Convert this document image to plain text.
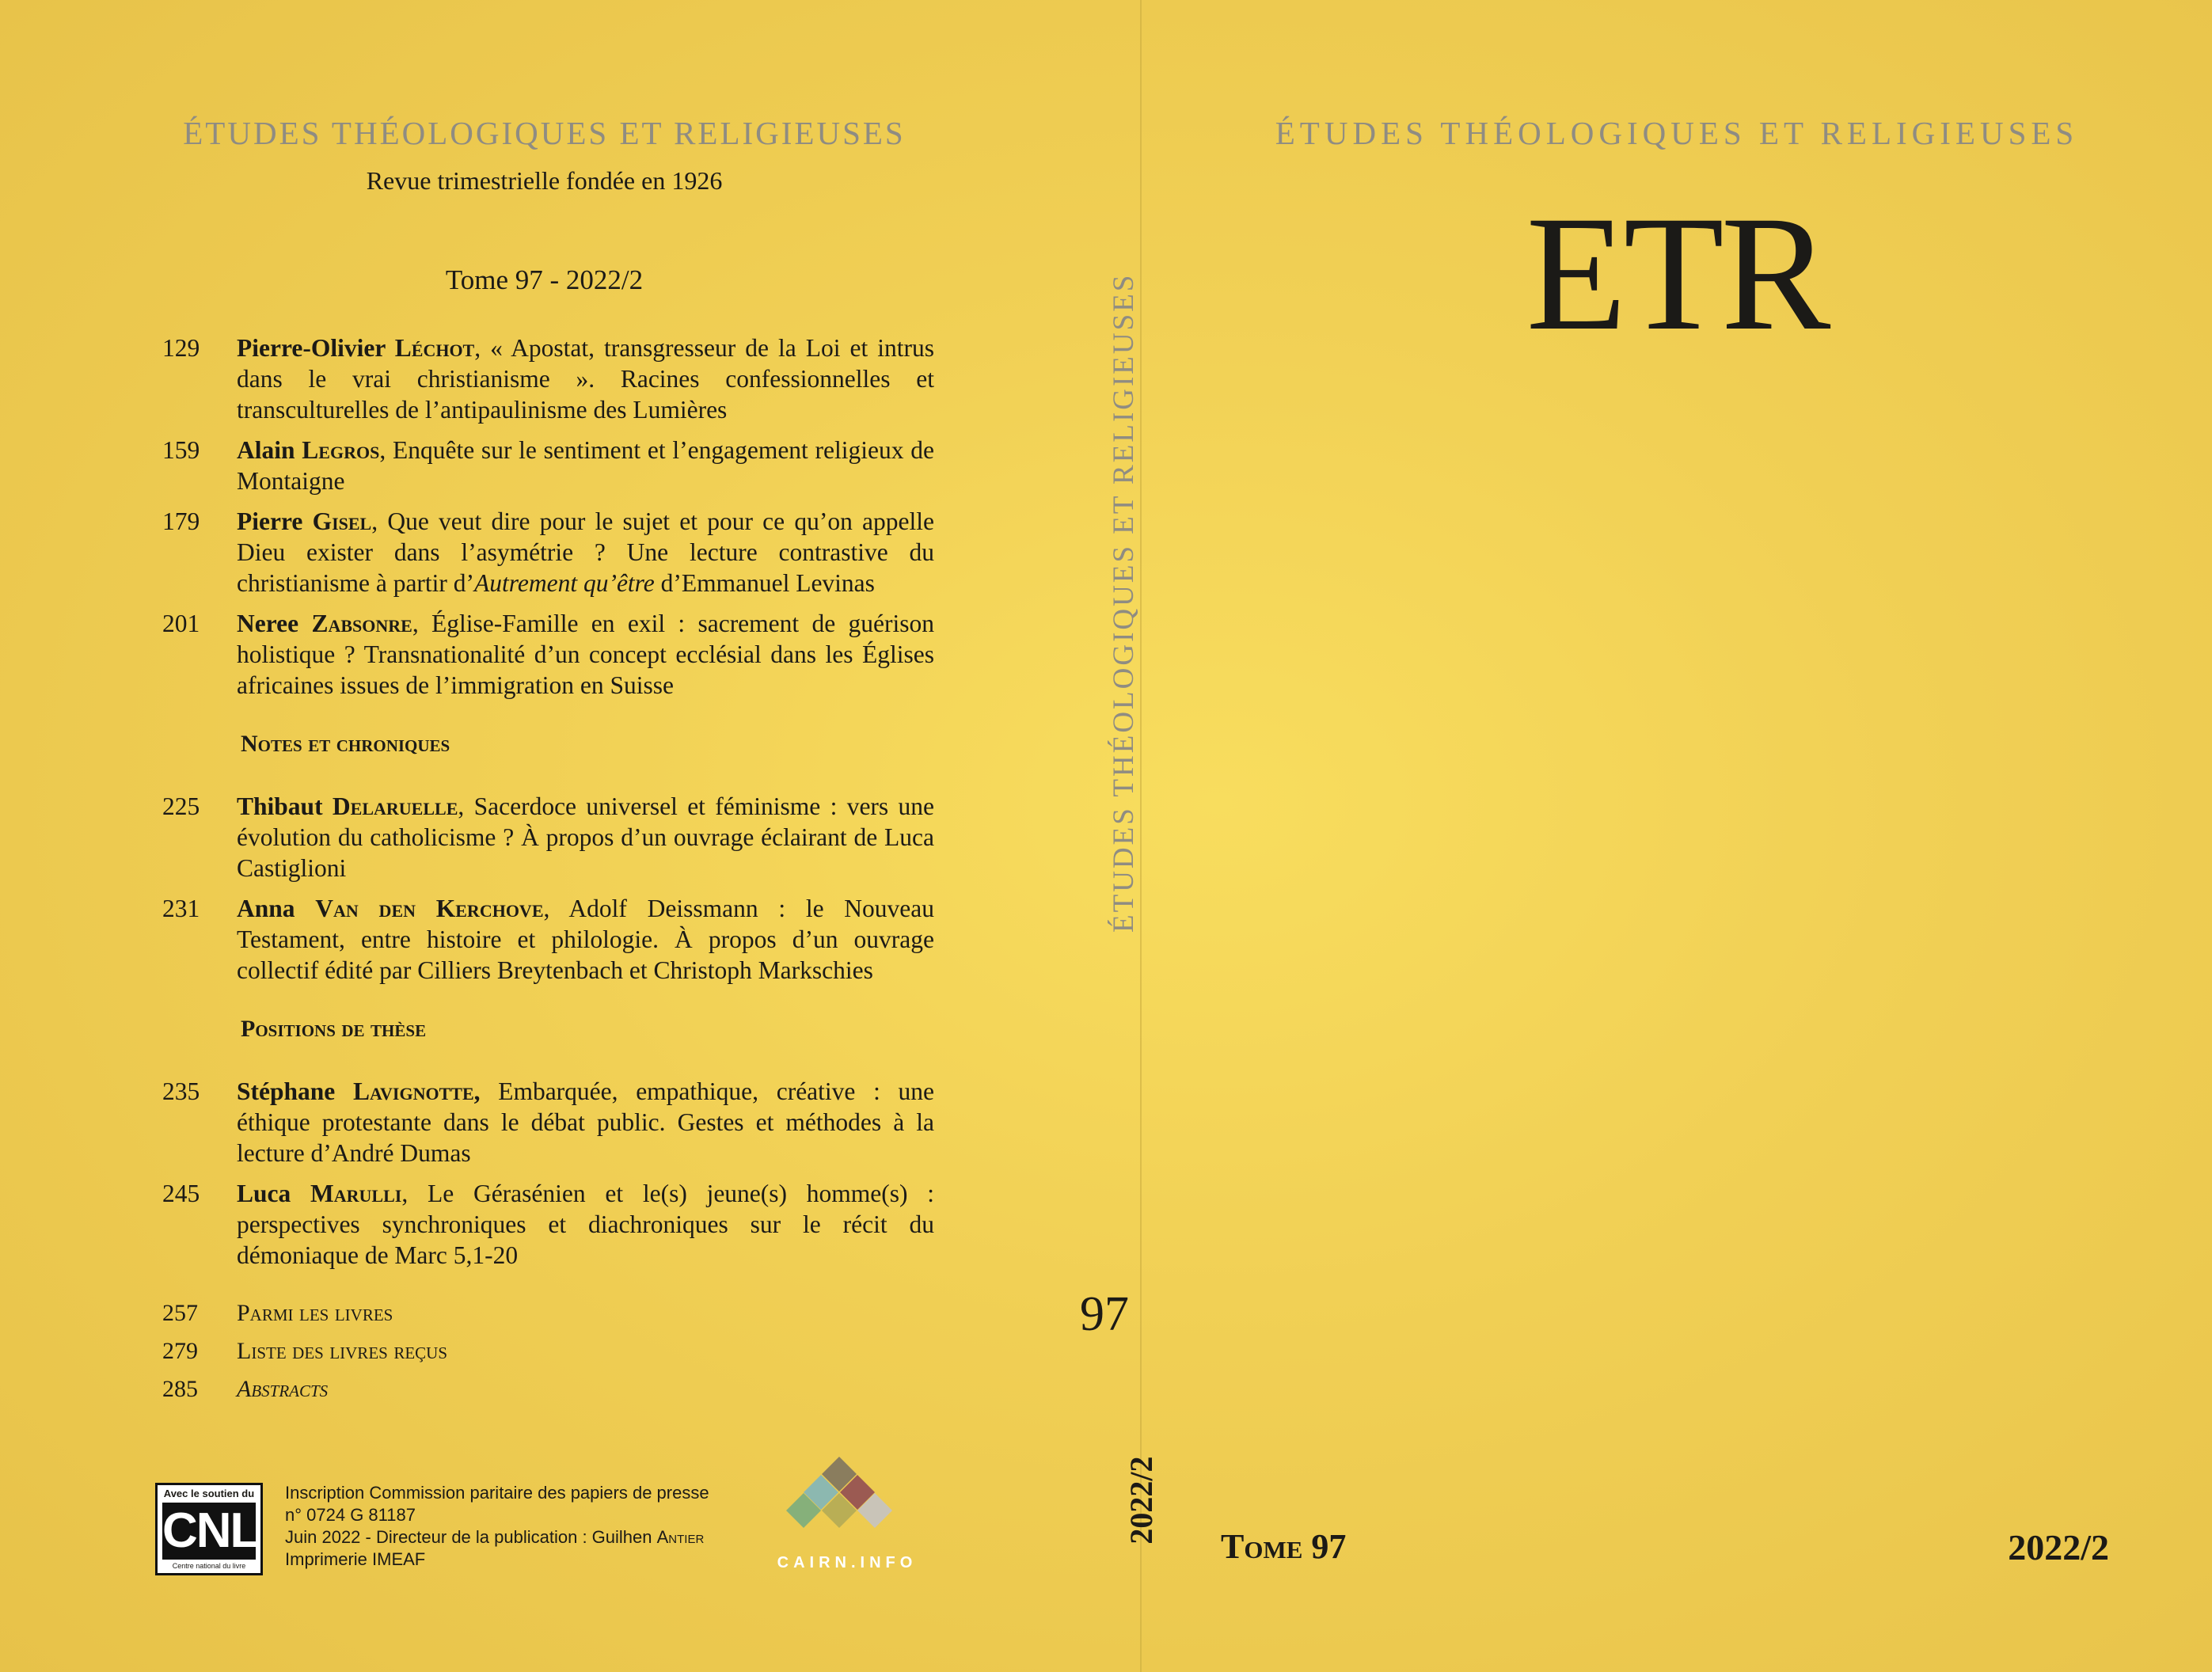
ÉTUDES THÉOLOGIQUES ET RELIGIEUSES
Revue trimestrielle fondée en 1926
Tome 97 - 2022/2
129	Pierre-Olivier Léchot, « Apostat, transgresseur de la Loi et intrus dans le vrai christianisme ». Racines confessionnelles et transculturelles de l’antipaulinisme des Lumières
159	Alain Legros, Enquête sur le sentiment et l’engagement religieux de Montaigne
179	Pierre Gisel, Que veut dire pour le sujet et pour ce qu’on appelle Dieu exister dans l’asymétrie ? Une lecture contrastive du christianisme à partir d’Autrement qu’être d’Emmanuel Levinas
201	Neree Zabsonre, Église-Famille en exil : sacrement de guérison holistique ? Transnationalité d’un concept ecclésial dans les Églises africaines issues de l’immigration en Suisse
Notes et chroniques
225	Thibaut Delaruelle, Sacerdoce universel et féminisme : vers une évolution du catholicisme ? À propos d’un ouvrage éclairant de Luca Castiglioni
231	Anna Van den Kerchove, Adolf Deissmann : le Nouveau Testament, entre histoire et philologie. À propos d’un ouvrage collectif édité par Cilliers Breytenbach et Christoph Markschies
Positions de thèse
235	Stéphane Lavignotte, Embarquée, empathique, créative : une éthique protestante dans le débat public. Gestes et méthodes à la lecture d’André Dumas
245	Luca Marulli, Le Gérasénien et le(s) jeune(s) homme(s) : perspectives synchroniques et diachroniques sur le récit du démoniaque de Marc 5,1-20
257	Parmi les livres
279	Liste des livres reçus
285	Abstracts
Avec le soutien du
CNL
Centre national du livre
Inscription Commission paritaire des papiers de presse
n° 0724 G 81187
Juin 2022 - Directeur de la publication : Guilhen Antier
Imprimerie IMEAF	CAIRN.INFO
ÉTUDES THÉOLOGIQUES ET RELIGIEUSES
97
2022/2
ÉTUDES THÉOLOGIQUES ET RELIGIEUSES
ETR
Tome 97	2022/2
